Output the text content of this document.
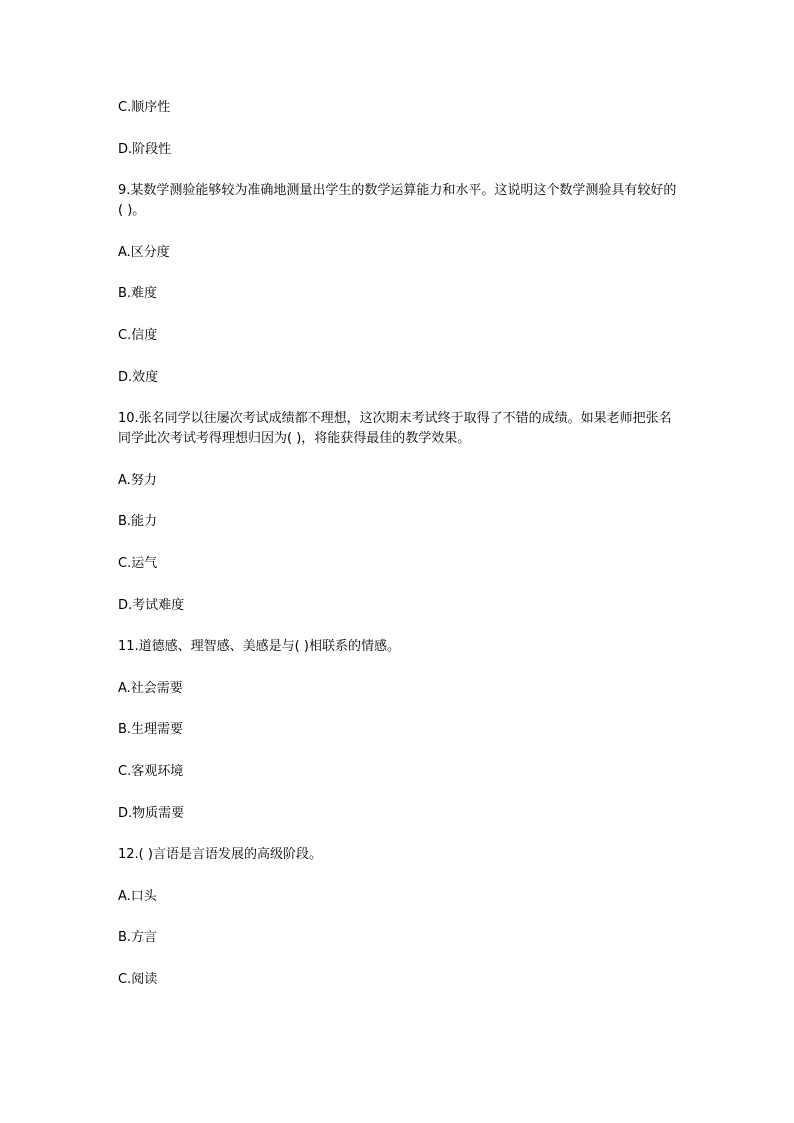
C.顺序性

D.阶段性

9.某数学测验能够较为准确地测量出学生的数学运算能力和水平。这说明这个数学测验具有较好的( )。

A.区分度

B.难度

C.信度

D.效度

10.张名同学以往屡次考试成绩都不理想，这次期末考试终于取得了不错的成绩。如果老师把张名同学此次考试考得理想归因为( )，将能获得最佳的教学效果。

A.努力

B.能力

C.运气

D.考试难度

11.道德感、理智感、美感是与( )相联系的情感。

A.社会需要

B.生理需要

C.客观环境

D.物质需要

12.( )言语是言语发展的高级阶段。

A.口头

B.方言

C.阅读
